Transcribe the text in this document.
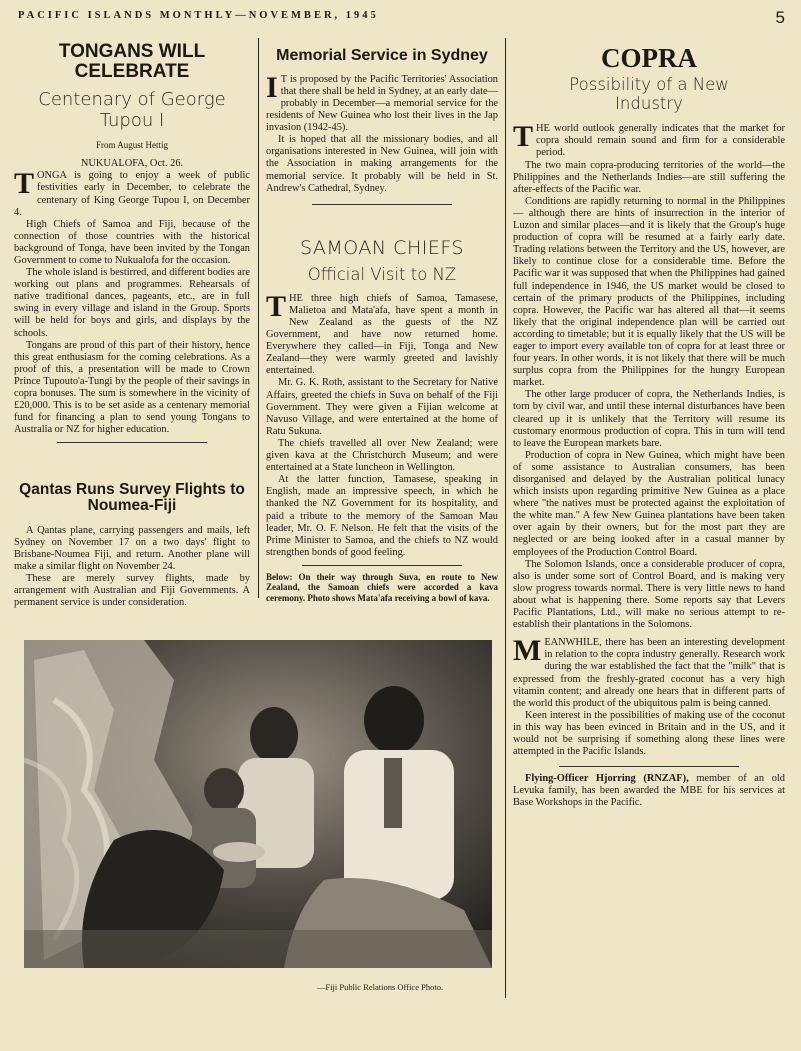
PACIFIC ISLANDS MONTHLY—NOVEMBER, 1945	5
TONGANS WILL CELEBRATE
Centenary of George Tupou I
From August Hettig

NUKUALOFA, Oct. 26.

TONGA is going to enjoy a week of public festivities early in December, to celebrate the centenary of King George Tupou I, on December 4.

High Chiefs of Samoa and Fiji, because of the connection of those countries with the historical background of Tonga, have been invited by the Tongan Government to come to Nukualofa for the occasion.

The whole island is bestirred, and different bodies are working out plans and programmes. Rehearsals of native traditional dances, pageants, etc., are in full swing in every village and island in the Group. Sports will be held for boys and girls, and displays by the schools.

Tongans are proud of this part of their history, hence this great enthusiasm for the coming celebrations. As a proof of this, a presentation will be made to Crown Prince Tupouto'a-Tungi by the people of their savings in copra bonuses. The sum is somewhere in the vicinity of £20,000. This is to be set aside as a centenary memorial fund for financing a plan to send young Tongans to Australia or NZ for higher education.

Qantas Runs Survey Flights to Noumea-Fiji

A Qantas plane, carrying passengers and mails, left Sydney on November 17 on a two days' flight to Brisbane-Noumea Fiji, and return. Another plane will make a similar flight on November 24.

These are merely survey flights, made by arrangement with Australian and Fiji Governments. A permanent service is under consideration.

Memorial Service in Sydney

I T is proposed by the Pacific Territories' Association that there shall be held in Sydney, at an early date—probably in December—a memorial service for the residents of New Guinea who lost their lives in the Jap invasion (1942-45).

It is hoped that all the missionary bodies, and all organisations interested in New Guinea, will join with the Association in making arrangements for the memorial service. It probably will be held in St. Andrew's Cathedral, Sydney.

SAMOAN CHIEFS
Official Visit to NZ

THE three high chiefs of Samoa, Tamasese, Malietoa and Mata'afa, have spent a month in New Zealand as the guests of the NZ Government, and have now returned home. Everywhere they called—in Fiji, Tonga and New Zealand—they were warmly greeted and lavishly entertained.

Mr. G. K. Roth, assistant to the Secretary for Native Affairs, greeted the chiefs in Suva on behalf of the Fiji Government. They were given a Fijian welcome at Navuso Village, and were entertained at the home of Ratu Sukuna.

The chiefs travelled all over New Zealand; were given kava at the Christchurch Museum; and were entertained at a State luncheon in Wellington.

At the latter function, Tamasese, speaking in English, made an impressive speech, in which he thanked the NZ Government for its hospitality, and paid a tribute to the memory of the Samoan Mau leader, Mr. O. F. Nelson. He felt that the visits of the Prime Minister to Samoa, and the chiefs to NZ would strengthen bonds of good feeling.

Below: On their way through Suva, en route to New Zealand, the Samoan chiefs were accorded a kava ceremony. Photo shows Mata'afa receiving a bowl of kava.
—Fiji Public Relations Office Photo.
COPRA
Possibility of a New Industry

THE world outlook generally indicates that the market for copra should remain sound and firm for a considerable period.

The two main copra-producing territories of the world—the Philippines and the Netherlands Indies—are still suffering the after-effects of the Pacific war.

Conditions are rapidly returning to normal in the Philippines — although there are hints of insurrection in the interior of Luzon and similar places—and it is likely that the Group's huge production of copra will be resumed at a fairly early date. Trading relations between the Territory and the US, however, are likely to continue close for a considerable time. Before the Pacific war it was supposed that when the Philippines had gained full independence in 1946, the US market would be closed to certain of the primary products of the Philippines, including copra. However, the Pacific war has altered all that—it seems likely that the original independence plan will be carried out according to timetable; but it is equally likely that the US will be eager to import every available ton of copra for at least three or four years. In other words, it is not likely that there will be much surplus copra from the Philippines for the hungry European market.

The other large producer of copra, the Netherlands Indies, is torn by civil war, and until these internal disturbances have been cleared up it is unlikely that the Territory will resume its customary enormous production of copra. This in turn will tend to leave the European markets bare.

Production of copra in New Guinea, which might have been of some assistance to Australian consumers, has been disorganised and delayed by the Australian political lunacy which insists upon regarding primitive New Guinea as a place where "the natives must be protected against the exploitation of the white man." A few New Guinea plantations have been taken over again by their owners, but for the most part they are neglected or are being looked after in a casual manner by employees of the Production Control Board.

The Solomon Islands, once a considerable producer of copra, also is under some sort of Control Board, and is making very slow progress towards normal. There is very little news to hand about what is happening there. Some reports say that Levers Pacific Plantations, Ltd., will make no serious attempt to re-establish their plantations in the Solomons.

MEANWHILE, there has been an interesting development in relation to the copra industry generally. Research work during the war established the fact that the "milk" that is expressed from the freshly-grated coconut has a very high vitamin content; and already one hears that in different parts of the world this product of the ubiquitous palm is being canned.

Keen interest in the possibilities of making use of the coconut in this way has been evinced in Britain and in the US, and it would not be surprising if something along these lines were attempted in the Pacific Islands.

Flying-Officer Hjorring (RNZAF), member of an old Levuka family, has been awarded the MBE for his services at Base Workshops in the Pacific.
